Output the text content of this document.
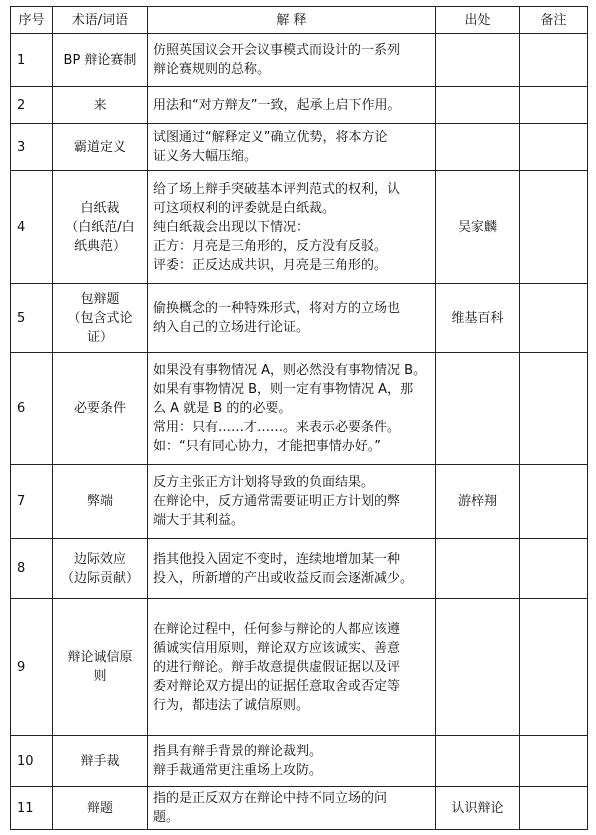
序号	术语/词语	解 释	出处	备注
1	BP 辩论赛制	仿照英国议会开会议事模式而设计的一系列
辩论赛规则的总称。		

2	来	用法和“对方辩友”一致，起承上启下作用。		

3	霸道定义	试图通过“解释定义”确立优势，将本方论
证义务大幅压缩。		

4	白纸裁
（白纸范/白
纸典范）	给了场上辩手突破基本评判范式的权利，认
可这项权利的评委就是白纸裁。
纯白纸裁会出现以下情况：
正方：月亮是三角形的，反方没有反驳。
评委：正反达成共识，月亮是三角形的。	吴家麟	
5	包辩题
（包含式论
证）	偷换概念的一种特殊形式，将对方的立场也
纳入自己的立场进行论证。	维基百科	
6	必要条件	如果没有事物情况 A，则必然没有事物情况 B。
如果有事物情况 B，则一定有事物情况 A，那
么 A 就是 B 的的必要。
常用：只有……才……。来表示必要条件。
如：“只有同心协力，才能把事情办好。”		

7	弊端	反方主张正方计划将导致的负面结果。
在辩论中，反方通常需要证明正方计划的弊
端大于其利益。	游梓翔	
8	边际效应
（边际贡献）	指其他投入固定不变时，连续地增加某一种
投入，所新增的产出或收益反而会逐渐减少。		

9	辩论诚信原
则	在辩论过程中，任何参与辩论的人都应该遵
循诚实信用原则，辩论双方应该诚实、善意
的进行辩论。辩手故意提供虚假证据以及评
委对辩论双方提出的证据任意取舍或否定等
行为，都违法了诚信原则。		

10	辩手裁	指具有辩手背景的辩论裁判。
辩手裁通常更注重场上攻防。		

11	辩题	指的是正反双方在辩论中持不同立场的问
题。	认识辩论	
